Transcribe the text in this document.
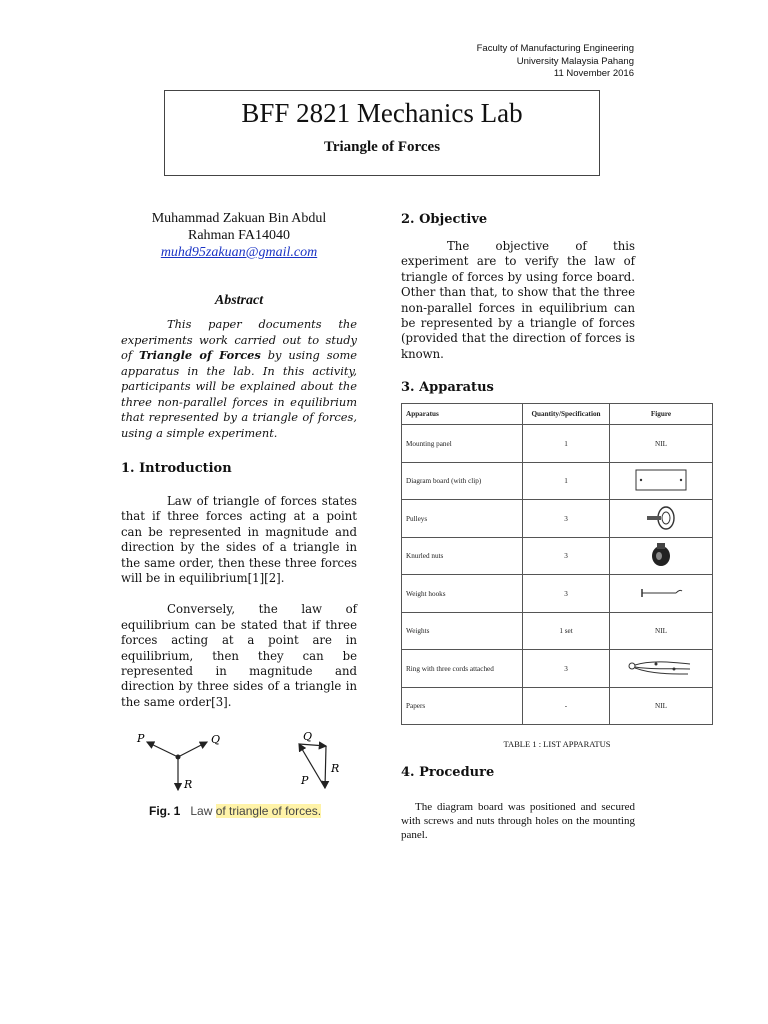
Faculty of Manufacturing Engineering
University Malaysia Pahang
11 November 2016
BFF 2821 Mechanics Lab
Triangle of Forces
Muhammad Zakuan Bin Abdul
Rahman FA14040
muhd95zakuan@gmail.com
Abstract
This paper documents the experiments work carried out to study of Triangle of Forces by using some apparatus in the lab. In this activity, participants will be explained about the three non-parallel forces in equilibrium that represented by a triangle of forces, using a simple experiment.
1. Introduction

Law of triangle of forces states that if three forces acting at a point can be represented in magnitude and direction by the sides of a triangle in the same order, then these three forces will be in equilibrium[1][2].

Conversely, the law of equilibrium can be stated that if three forces acting at a point are in equilibrium, then they can be represented in magnitude and direction by three sides of a triangle in the same order[3].

P	Q
R
Q
R
P
Fig. 1 Law of triangle of forces.
2. Objective

The objective of this experiment are to verify the law of triangle of forces by using force board. Other than that, to show that the three non-parallel forces in equilibrium can be represented by a triangle of forces (provided that the direction of forces is known.

3. Apparatus
Apparatus	Quantity/Specification	Figure
Mounting panel	1	NIL
Diagram board (with clip)	1	
Pulleys	3	
Knurled nuts	3	
Weight hooks	3	
Weights	1 set	NIL
Ring with three cords attached	3	
Papers	-	NIL
TABLE 1 : LIST APPARATUS
4. Procedure

The diagram board was positioned and secured with screws and nuts through holes on the mounting panel.
